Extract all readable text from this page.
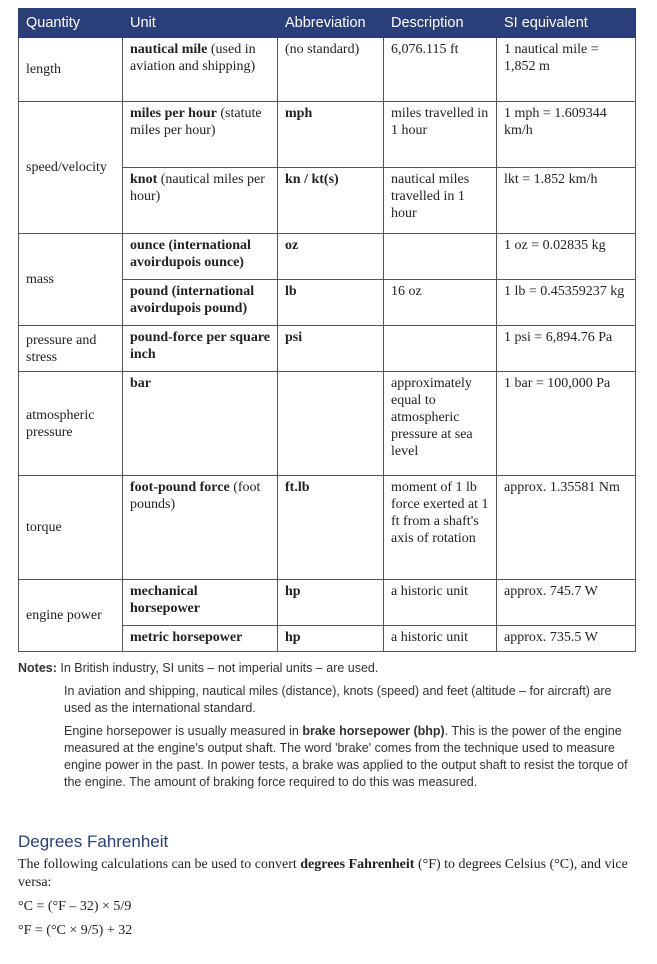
Quantity	Unit	Abbreviation	Description	SI equivalent
length	nautical mile (used in aviation and shipping)	(no standard)	6,076.115 ft	1 nautical mile = 1,852 m
speed/velocity	miles per hour (statute miles per hour)	mph	miles travelled in 1 hour	1 mph = 1.609344 km/h
	knot (nautical miles per hour)	kn / kt(s)	nautical miles travelled in 1 hour	lkt = 1.852 km/h
mass	ounce (international avoirdupois ounce)	oz		1 oz = 0.02835 kg
	pound (international avoirdupois pound)	lb	16 oz	1 lb = 0.45359237 kg
pressure and stress	pound-force per square inch	psi		1 psi = 6,894.76 Pa
atmospheric pressure	bar		approximately equal to atmospheric pressure at sea level	1 bar = 100,000 Pa
torque	foot-pound force (foot pounds)	ft.lb	moment of 1 lb force exerted at 1 ft from a shaft's axis of rotation	approx. 1.35581 Nm
engine power	mechanical horsepower	hp	a historic unit	approx. 745.7 W
	metric horsepower	hp	a historic unit	approx. 735.5 W

Notes: In British industry, SI units – not imperial units – are used.

In aviation and shipping, nautical miles (distance), knots (speed) and feet (altitude – for aircraft) are used as the international standard.

Engine horsepower is usually measured in brake horsepower (bhp). This is the power of the engine measured at the engine's output shaft. The word 'brake' comes from the technique used to measure engine power in the past. In power tests, a brake was applied to the output shaft to resist the torque of the engine. The amount of braking force required to do this was measured.

Degrees Fahrenheit

The following calculations can be used to convert degrees Fahrenheit (°F) to degrees Celsius (°C), and vice versa:

°C = (°F – 32) × 5/9

°F = (°C × 9/5) + 32
